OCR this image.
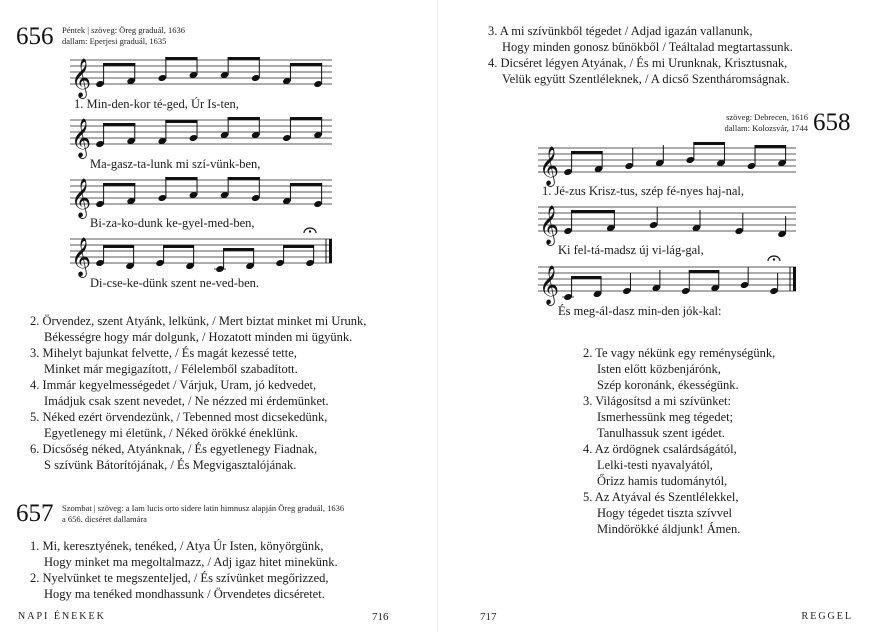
656 Péntek | szöveg: Öreg graduál, 1636
dallam: Eperjesi graduál, 1635
𝄞
𝄞
𝄞
𝄞
1. Min-den-kor té-ged, Úr Is-ten,
Ma-gasz-ta-lunk mi szí-vünk-ben,
Bi-za-ko-dunk ke-gyel-med-ben,
Di-cse-ke-dünk szent ne-ved-ben.

2. Örvendez, szent Atyánk, lelkünk, / Mert biztat minket mi Urunk,

Békességre hogy már dolgunk, / Hozatott minden mi ügyünk.

3. Mihelyt bajunkat felvette, / És magát kezessé tette,

Minket már megigazított, / Félelemből szabadított.

4. Immár kegyelmességedet / Várjuk, Uram, jó kedvedet,

Imádjuk csak szent nevedet, / Ne nézzed mi érdemünket.

5. Néked ezért örvendezünk, / Tebenned most dicsekedünk,

Egyetlenegy mi életünk, / Néked örökké éneklünk.

6. Dicsőség néked, Atyánknak, / És egyetlenegy Fiadnak,

S szívünk Bátorítójának, / És Megvigasztalójának.

657 Szombat | szöveg: a Iam lucis orto sidere latin himnusz alapján Öreg graduál, 1636
a 656. dicséret dallamára

1. Mi, keresztyének, tenéked, / Atya Úr Isten, könyörgünk,

Hogy minket ma megoltalmazz, / Adj igaz hitet minekünk.

2. Nyelvünket te megszenteljed, / És szívünket megőrizzed,

Hogy ma tenéked mondhassunk / Örvendetes dicséretet.

NAPI ÉNEKEK	716

3. A mi szívünkből tégedet / Adjad igazán vallanunk,

Hogy minden gonosz bűnökből / Teáltalad megtartassunk.

4. Dicséret légyen Atyának, / És mi Urunknak, Krisztusnak,

Velük együtt Szentléleknek, / A dicső Szentháromságnak.

szöveg: Debrecen, 1616
dallam: Kolozsvár, 1744 658
𝄞
𝄞
𝄞
1. Jé-zus Krisz-tus, szép fé-nyes haj-nal,
Ki fel-tá-madsz új vi-lág-gal,
És meg-ál-dasz min-den jók-kal:

2. Te vagy nékünk egy reménységünk,

Isten előtt közbenjárónk,

Szép koronánk, ékességünk.

3. Világosítsd a mi szívünket:

Ismerhessünk meg tégedet;

Tanulhassuk szent igédet.

4. Az ördögnek csalárdságától,

Lelki-testi nyavalyától,

Őrizz hamis tudománytól,

5. Az Atyával és Szentlélekkel,

Hogy tégedet tiszta szívvel

Mindörökké áldjunk! Ámen.

REGGEL
717
